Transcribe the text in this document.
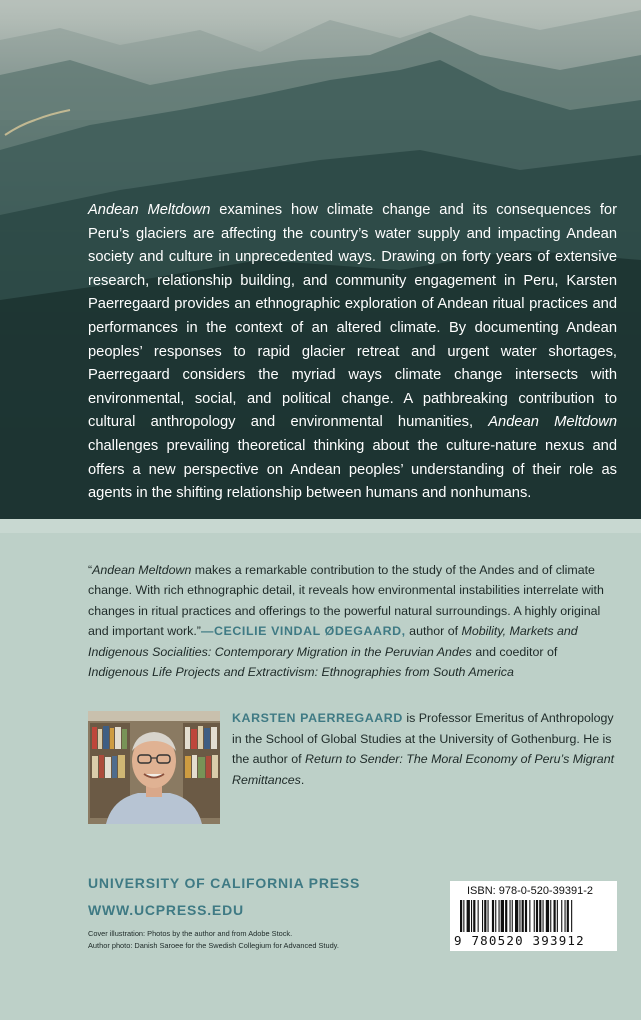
Andean Meltdown examines how climate change and its consequences for Peru’s glaciers are affecting the country’s water supply and impacting Andean society and culture in unprecedented ways. Drawing on forty years of extensive research, relationship building, and community engagement in Peru, Karsten Paerregaard provides an ethnographic exploration of Andean ritual practices and performances in the context of an altered climate. By documenting Andean peoples’ responses to rapid glacier retreat and urgent water shortages, Paerregaard considers the myriad ways climate change intersects with environmental, social, and political change. A pathbreaking contribution to cultural anthropology and environmental humanities, Andean Meltdown challenges prevailing theoretical thinking about the culture-nature nexus and offers a new perspective on Andean peoples’ understanding of their role as agents in the shifting relationship between humans and nonhumans.
“Andean Meltdown makes a remarkable contribution to the study of the Andes and of climate change. With rich ethnographic detail, it reveals how environmental instabilities interrelate with changes in ritual practices and offerings to the powerful natural surroundings. A highly original and important work.”—CECILIE VINDAL ØDEGAARD, author of Mobility, Markets and Indigenous Socialities: Contemporary Migration in the Peruvian Andes and coeditor of Indigenous Life Projects and Extractivism: Ethnographies from South America
KARSTEN PAERREGAARD is Professor Emeritus of Anthropology in the School of Global Studies at the University of Gothenburg. He is the author of Return to Sender: The Moral Economy of Peru’s Migrant Remittances.
UNIVERSITY OF CALIFORNIA PRESS
WWW.UCPRESS.EDU
Cover illustration: Photos by the author and from Adobe Stock.
Author photo: Danish Saroee for the Swedish Collegium for Advanced Study.
ISBN: 978-0-520-39391-2
9 780520 393912
